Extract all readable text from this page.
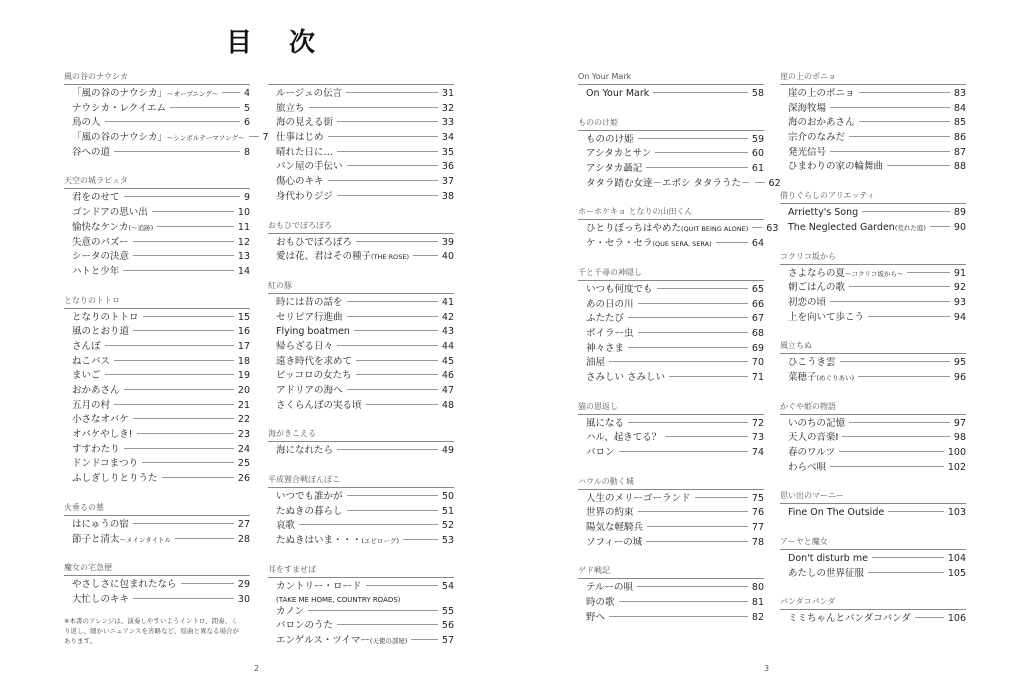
目 次
風の谷のナウシカ
「風の谷のナウシカ」～オープニング～	4
ナウシカ・レクイエム	5
鳥の人	6
「風の谷のナウシカ」～シンボルテーマソング～ 7
谷への道	8
天空の城ラピュタ
君をのせて	9
ゴンドアの思い出	10
愉快なケンカ(〜追跡)	11
失意のパズー	12
シータの決意	13
ハトと少年	14
となりのトトロ
となりのトトロ	15
風のとおり道	16
さんぽ	17
ねこバス	18
まいご	19
おかあさん	20
五月の村	21
小さなオバケ	22
オバケやしき!	23
すすわたり	24
ドンドコまつり	25
ふしぎしりとりうた	26
火垂るの墓
はにゅうの宿	27
節子と清太～メインタイトル	28
魔女の宅急便
やさしさに包まれたなら	29
大忙しのキキ	30
※本書のアレンジは、演奏しやすいようイントロ、間奏、くり返し、細かいニュアンスを省略など、原曲と異なる場合があります。
ルージュの伝言	31
旅立ち	32
海の見える街	33
仕事はじめ	34
晴れた日に…	35
パン屋の手伝い	36
傷心のキキ	37
身代わりジジ	38
おもひでぽろぽろ
おもひでぽろぽろ	39
愛は花、君はその種子(THE ROSE)	40
紅の豚
時には昔の話を	41
セリピア行進曲	42
Flying boatmen	43
帰らざる日々	44
遠き時代を求めて	45
ピッコロの女たち	46
アドリアの海へ	47
さくらんぼの実る頃	48
海がきこえる
海になれたら	49
平成狸合戦ぽんぽこ
いつでも誰かが	50
たぬきの暮らし	51
哀歌	52
たぬきはいま・・・(エピローグ)	53
耳をすませば
カントリー・ロード	54
(TAKE ME HOME, COUNTRY ROADS)
カノン	55
バロンのうた	56
エンゲルス・ツイマー(天使の部屋)	57
On Your Mark
On Your Mark	58
もののけ姫
もののけ姫	59
アシタカとサン	60
アシタカ聶記	61
タタラ踏む女達－エボシ タタラうた－ 62
ホーホケキョ となりの山田くん
ひとりぼっちはやめた(QUIT BEING ALONE) 63
ケ・セラ・セラ(QUE SERA, SERA)	64
千と千尋の神隠し
いつも何度でも	65
あの日の川	66
ふたたび	67
ボイラー虫	68
神々さま	69
油屋	70
さみしい さみしい	71
猫の恩返し
風になる	72
ハル、起きてる？	73
バロン	74
ハウルの動く城
人生のメリーゴーランド	75
世界の約束	76
陽気な軽騎兵	77
ソフィーの城	78
ゲド戦記
テルーの唄	80
時の歌	81
野へ	82
崖の上のポニョ
崖の上のポニョ	83
深海牧場	84
海のおかあさん	85
宗介のなみだ	86
発光信号	87
ひまわりの家の輪舞曲	88
借りぐらしのアリエッティ
Arrietty's Song	89
The Neglected Garden(荒れた庭)	90
コクリコ坂から
さよならの夏～コクリコ坂から～	91
朝ごはんの歌	92
初恋の頃	93
上を向いて歩こう	94
風立ちぬ
ひこうき雲	95
菜穂子(めぐりあい)	96
かぐや姫の物語
いのちの記憶	97
天人の音楽Ⅰ	98
春のワルツ	100
わらべ唄	102
思い出のマーニー
Fine On The Outside	103
アーヤと魔女
Don't disturb me	104
あたしの世界征服	105
パンダコパンダ
ミミちゃんとパンダコパンダ	106
2	3
